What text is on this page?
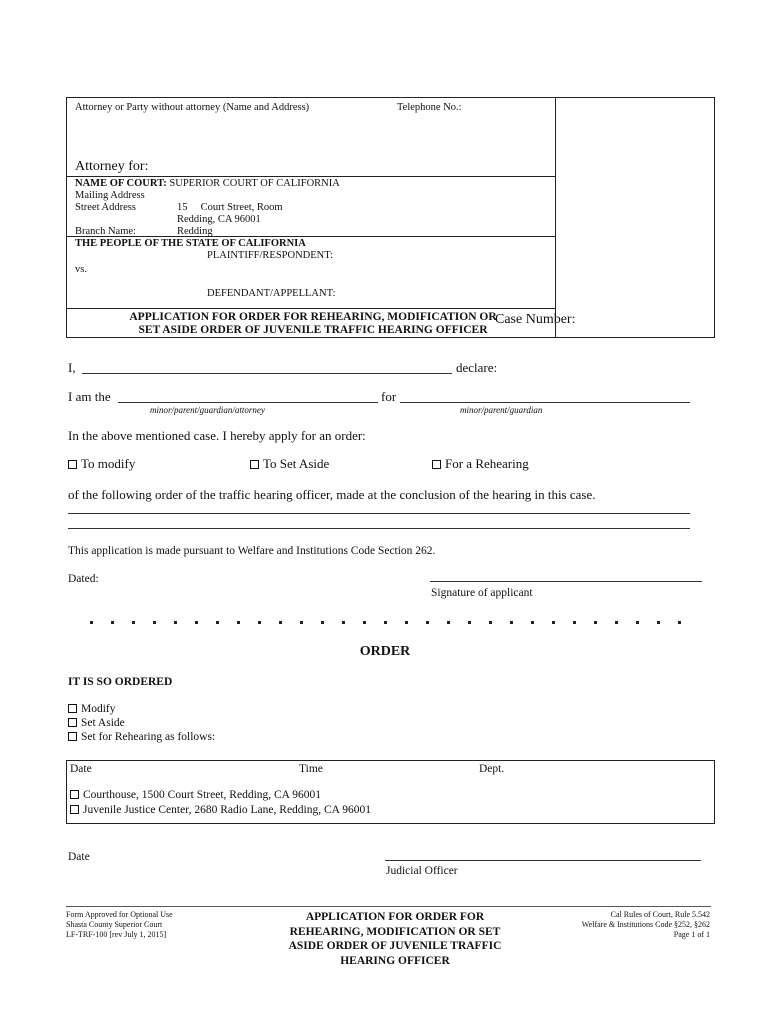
Attorney or Party without attorney (Name and Address)	Telephone No.:
Attorney for:
NAME OF COURT: SUPERIOR COURT OF CALIFORNIA
Mailing Address
Street Address	15     Court Street, Room
Redding, CA 96001
Branch Name:	Redding
THE PEOPLE OF THE STATE OF CALIFORNIA
PLAINTIFF/RESPONDENT:
vs.
DEFENDANT/APPELLANT:
APPLICATION FOR ORDER FOR REHEARING, MODIFICATION OR
SET ASIDE ORDER OF JUVENILE TRAFFIC HEARING OFFICER
Case Number:
I,	declare:
I am the	for
minor/parent/guardian/attorney	minor/parent/guardian
In the above mentioned case. I hereby apply for an order:
To modify	To Set Aside	For a Rehearing
of the following order of the traffic hearing officer, made at the conclusion of the hearing in this case.
This application is made pursuant to Welfare and Institutions Code Section 262.
Dated:
Signature of applicant
ORDER
IT IS SO ORDERED
Modify
Set Aside
Set for Rehearing as follows:
Date	Time	Dept.
Courthouse, 1500 Court Street, Redding, CA 96001
Juvenile Justice Center, 2680 Radio Lane, Redding, CA 96001
Date
Judicial Officer
Form Approved for Optional Use
Shasta County Superior Court
LF-TRF-100 [rev July 1, 2015]
APPLICATION FOR ORDER FOR
REHEARING, MODIFICATION OR SET
ASIDE ORDER OF JUVENILE TRAFFIC
HEARING OFFICER
Cal Rules of Court, Rule 5.542
Welfare & Institutions Code §252, §262
Page 1 of 1
